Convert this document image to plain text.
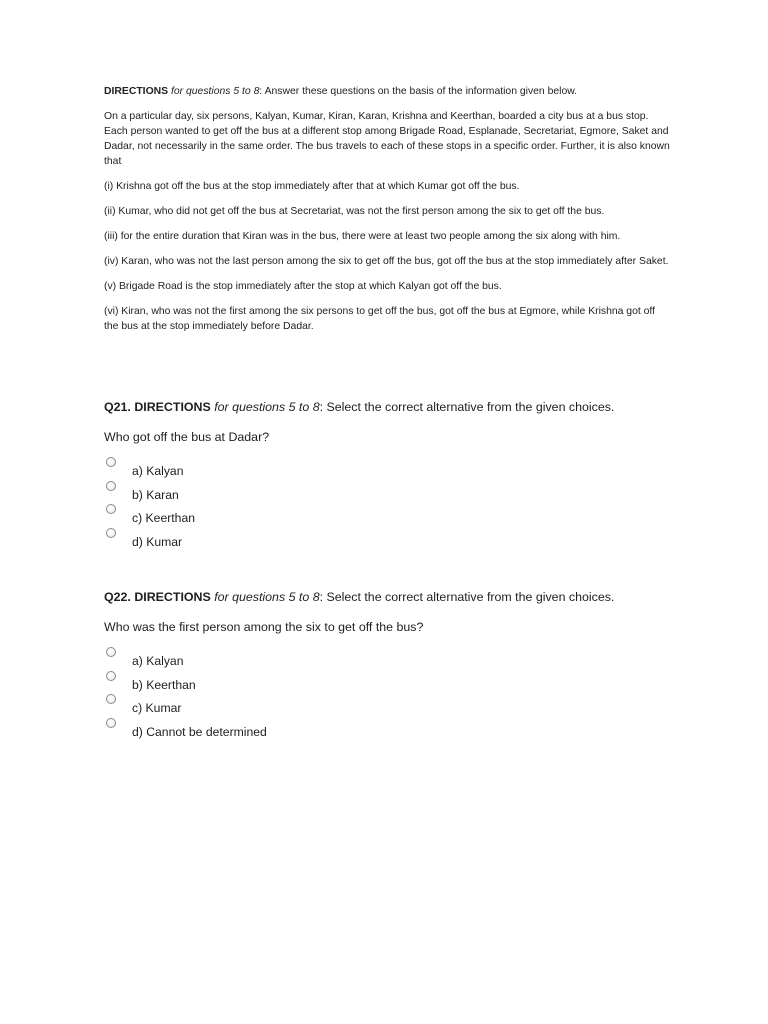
DIRECTIONS for questions 5 to 8: Answer these questions on the basis of the information given below.

On a particular day, six persons, Kalyan, Kumar, Kiran, Karan, Krishna and Keerthan, boarded a city bus at a bus stop. Each person wanted to get off the bus at a different stop among Brigade Road, Esplanade, Secretariat, Egmore, Saket and Dadar, not necessarily in the same order. The bus travels to each of these stops in a specific order. Further, it is also known that

(i) Krishna got off the bus at the stop immediately after that at which Kumar got off the bus.

(ii) Kumar, who did not get off the bus at Secretariat, was not the first person among the six to get off the bus.

(iii) for the entire duration that Kiran was in the bus, there were at least two people among the six along with him.

(iv) Karan, who was not the last person among the six to get off the bus, got off the bus at the stop immediately after Saket.

(v) Brigade Road is the stop immediately after the stop at which Kalyan got off the bus.

(vi) Kiran, who was not the first among the six persons to get off the bus, got off the bus at Egmore, while Krishna got off the bus at the stop immediately before Dadar.

Q21. DIRECTIONS for questions 5 to 8: Select the correct alternative from the given choices.

Who got off the bus at Dadar?

a) Kalyan
b) Karan
c) Keerthan
d) Kumar

Q22. DIRECTIONS for questions 5 to 8: Select the correct alternative from the given choices.

Who was the first person among the six to get off the bus?

a) Kalyan
b) Keerthan
c) Kumar
d) Cannot be determined
